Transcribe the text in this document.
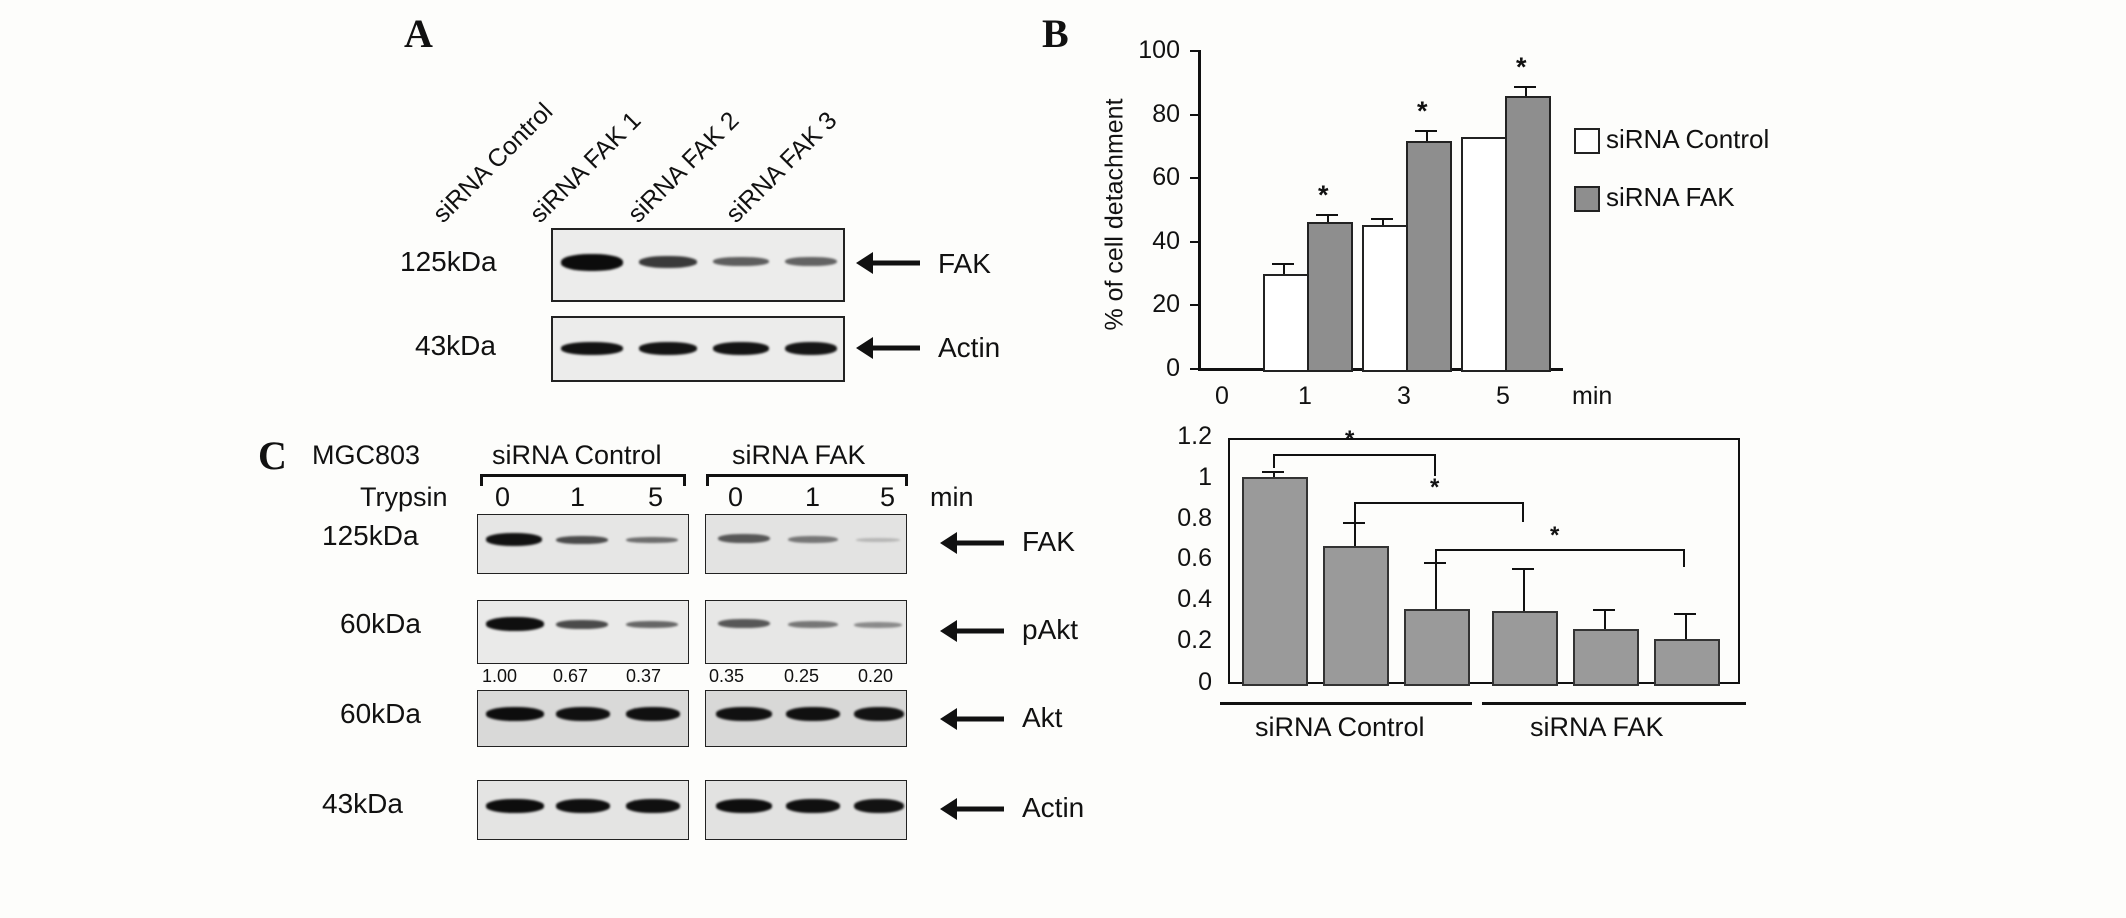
A
siRNA Control
siRNA FAK 1
siRNA FAK 2
siRNA FAK 3
125kDa	FAK
43kDa	Actin
B
0
20
40
60
80
100
% of cell detachment	*
*
*
0	1	3	5 min
siRNA Control
siRNA FAK
C MGC803	siRNA Control	siRNA FAK
Trypsin 0 1 5 0 1 5 min
125kDa	FAK
60kDa	pAkt
1.00 0.67 0.37	0.35 0.25 0.20
60kDa	Akt
43kDa	Actin
1.2
1
0.8
0.6
0.4
0.2
0
*
*
*
siRNA Control	siRNA FAK
